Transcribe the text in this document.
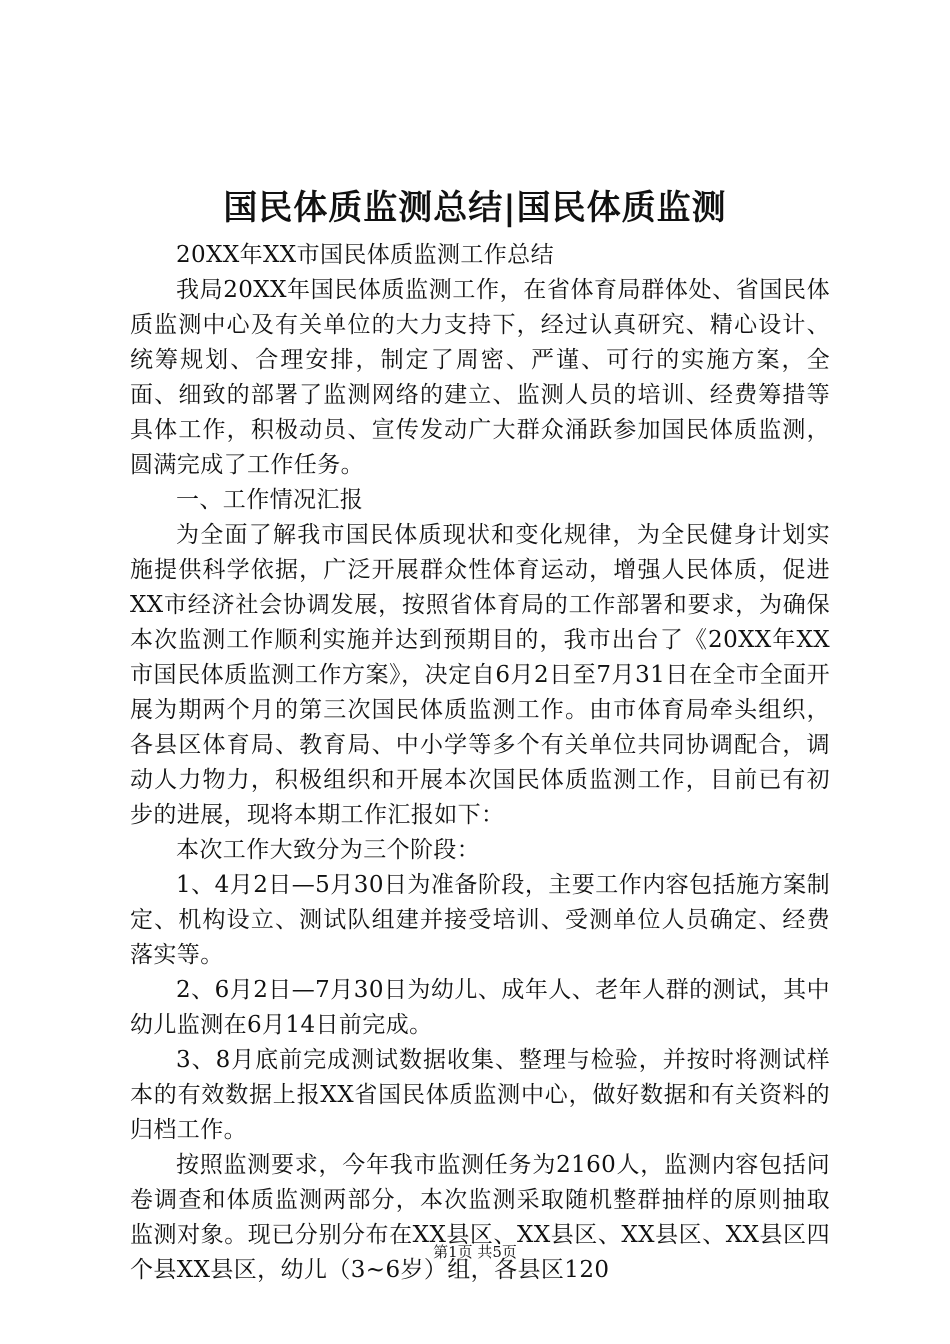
国民体质监测总结|国民体质监测

20XX年XX市国民体质监测工作总结

我局20XX年国民体质监测工作，在省体育局群体处、省国民体质监测中心及有关单位的大力支持下，经过认真研究、精心设计、统筹规划、合理安排，制定了周密、严谨、可行的实施方案，全面、细致的部署了监测网络的建立、监测人员的培训、经费筹措等具体工作，积极动员、宣传发动广大群众涌跃参加国民体质监测，圆满完成了工作任务。

一、工作情况汇报

为全面了解我市国民体质现状和变化规律，为全民健身计划实施提供科学依据，广泛开展群众性体育运动，增强人民体质，促进XX市经济社会协调发展，按照省体育局的工作部署和要求，为确保本次监测工作顺利实施并达到预期目的，我市出台了《20XX年XX市国民体质监测工作方案》，决定自6月2日至7月31日在全市全面开展为期两个月的第三次国民体质监测工作。由市体育局牵头组织，各县区体育局、教育局、中小学等多个有关单位共同协调配合，调动人力物力，积极组织和开展本次国民体质监测工作，目前已有初步的进展，现将本期工作汇报如下：

本次工作大致分为三个阶段：

1、4月2日—5月30日为准备阶段，主要工作内容包括施方案制定、机构设立、测试队组建并接受培训、受测单位人员确定、经费落实等。

2、6月2日—7月30日为幼儿、成年人、老年人群的测试，其中幼儿监测在6月14日前完成。

3、8月底前完成测试数据收集、整理与检验，并按时将测试样本的有效数据上报XX省国民体质监测中心，做好数据和有关资料的归档工作。

按照监测要求，今年我市监测任务为2160人，监测内容包括问卷调查和体质监测两部分，本次监测采取随机整群抽样的原则抽取监测对象。现已分别分布在XX县区、XX县区、XX县区、XX县区四个县XX县区，幼儿（3~6岁）组，各县区120

第1页 共5页
